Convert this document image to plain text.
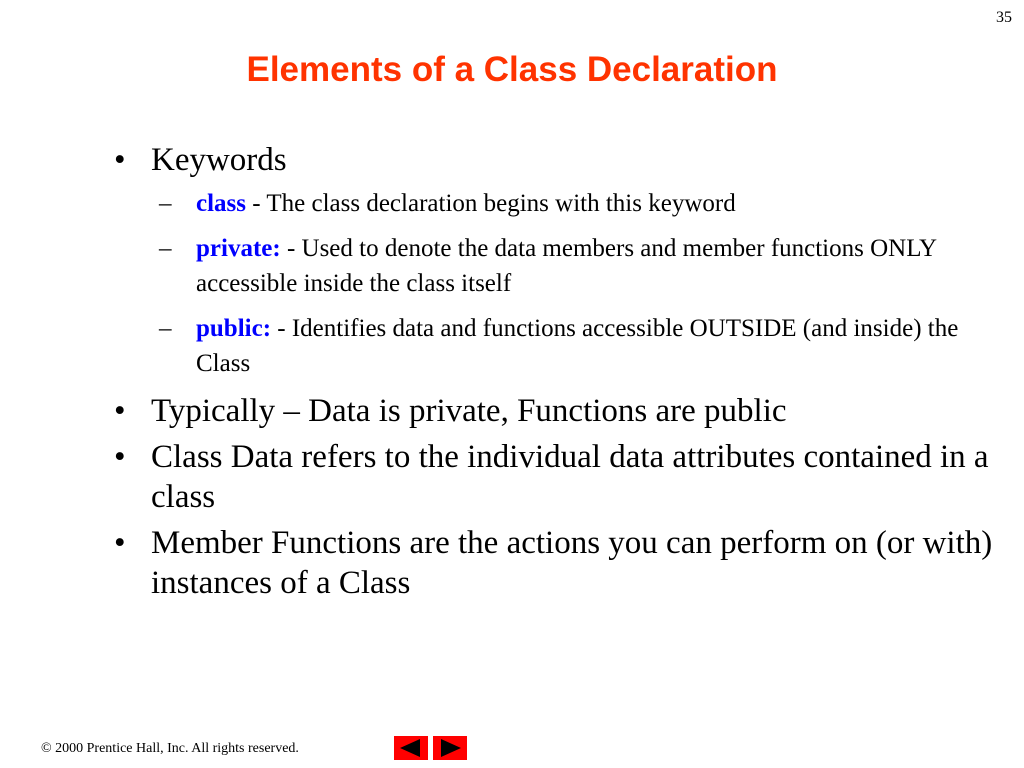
35
Elements of a Class Declaration
• Keywords
– class - The class declaration begins with this keyword
– private: - Used to denote the data members and member functions ONLY accessible inside the class itself
– public: - Identifies data and functions accessible OUTSIDE (and inside) the Class
• Typically – Data is private, Functions are public
• Class Data refers to the individual data attributes contained in a class
• Member Functions are the actions you can perform on (or with) instances of a Class
© 2000 Prentice Hall, Inc. All rights reserved.
